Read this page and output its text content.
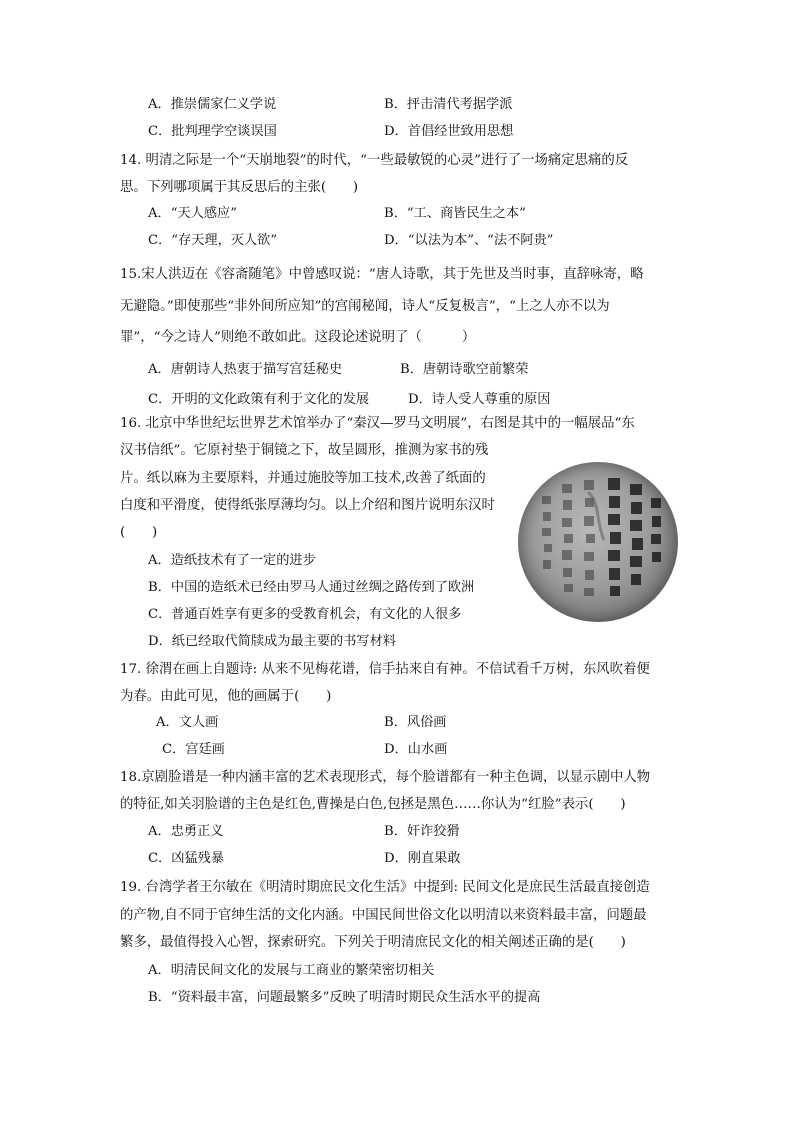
A．推崇儒家仁义学说	B．抨击清代考据学派
C．批判理学空谈误国	D．首倡经世致用思想
14. 明清之际是一个“天崩地裂”的时代，“一些最敏锐的心灵”进行了一场痛定思痛的反
思。下列哪项属于其反思后的主张(　　)
A．“天人感应”	B．“工、商皆民生之本”
C．“存天理，灭人欲”	D．“以法为本”、“法不阿贵”
15.宋人洪迈在《容斋随笔》中曾感叹说：“唐人诗歌，其于先世及当时事，直辞咏寄，略
无避隐。”即使那些“非外间所应知”的宫闱秘闻，诗人“反复极言”，“上之人亦不以为
罪”，“今之诗人”则绝不敢如此。这段论述说明了（　　　）
A．唐朝诗人热衷于描写宫廷秘史	B．唐朝诗歌空前繁荣
C．开明的文化政策有利于文化的发展	D．诗人受人尊重的原因
16. 北京中华世纪坛世界艺术馆举办了“秦汉—罗马文明展”，右图是其中的一幅展品“东
汉书信纸”。它原衬垫于铜镜之下，故呈圆形，推测为家书的残
片。纸以麻为主要原料，并通过施胶等加工技术,改善了纸面的
白度和平滑度，使得纸张厚薄均匀。以上介绍和图片说明东汉时
(　　)
A．造纸技术有了一定的进步
B．中国的造纸术已经由罗马人通过丝绸之路传到了欧洲
C．普通百姓享有更多的受教育机会，有文化的人很多
D．纸已经取代简牍成为最主要的书写材料
17. 徐渭在画上自题诗: 从来不见梅花谱，信手拈来自有神。不信试看千万树，东风吹着便
为春。由此可见，他的画属于(　　)
A．文人画	B．风俗画
C．宫廷画	D．山水画
18.京剧脸谱是一种内涵丰富的艺术表现形式，每个脸谱都有一种主色调，以显示剧中人物
的特征,如关羽脸谱的主色是红色,曹操是白色,包拯是黑色……你认为“红脸”表示(　　)
A．忠勇正义	B．奸诈狡猾
C．凶猛残暴	D．刚直果敢
19. 台湾学者王尔敏在《明清时期庶民文化生活》中提到: 民间文化是庶民生活最直接创造
的产物,自不同于官绅生活的文化内涵。中国民间世俗文化以明清以来资料最丰富，问题最
繁多，最值得投入心智，探索研究。下列关于明清庶民文化的相关阐述正确的是(　　)
A．明清民间文化的发展与工商业的繁荣密切相关
B．“资料最丰富，问题最繁多”反映了明清时期民众生活水平的提高
